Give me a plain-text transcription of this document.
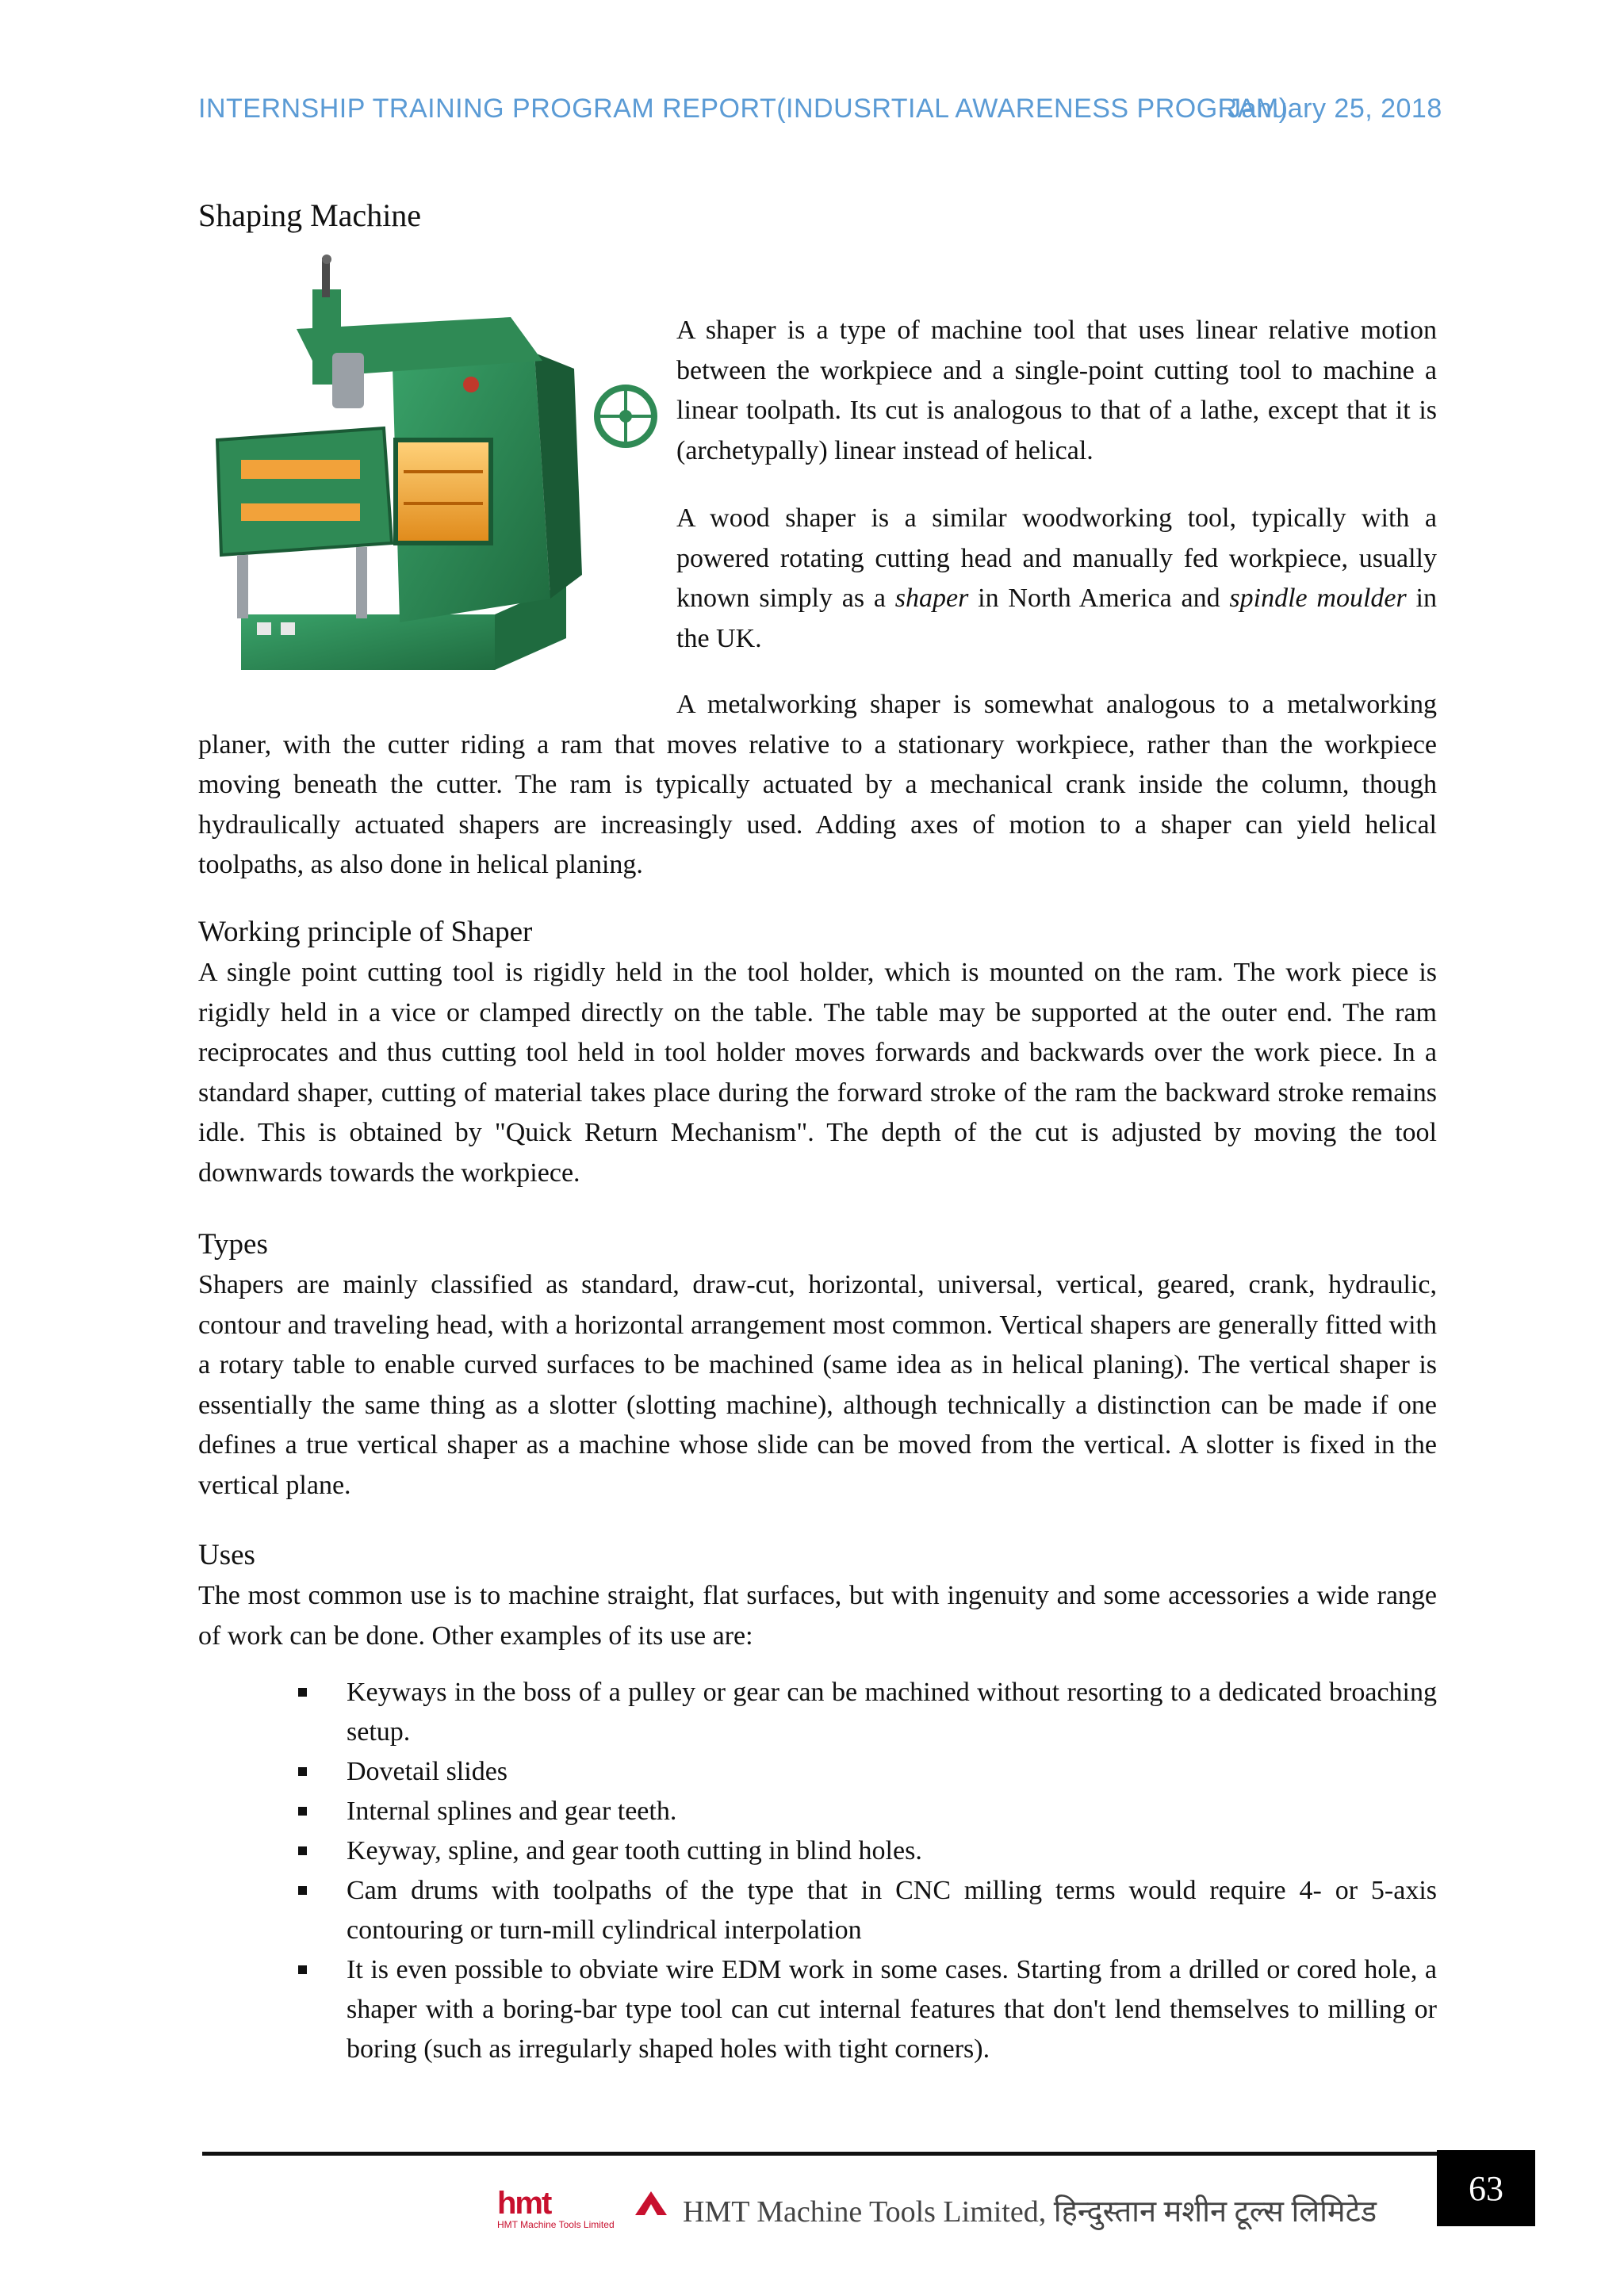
INTERNSHIP TRAINING PROGRAM REPORT(INDUSRTIAL AWARENESS PROGRAM)
January 25, 2018
Shaping Machine

A shaper is a type of machine tool that uses linear relative motion between the workpiece and a single-point cutting tool to machine a linear toolpath. Its cut is analogous to that of a lathe, except that it is (archetypally) linear instead of helical.

A wood shaper is a similar woodworking tool, typically with a powered rotating cutting head and manually fed workpiece, usually known simply as a shaper in North America and spindle moulder in the UK.

A metalworking shaper is somewhat analogous to a metalworking planer, with the cutter riding a ram that moves relative to a stationary workpiece, rather than the workpiece moving beneath the cutter. The ram is typically actuated by a mechanical crank inside the column, though hydraulically actuated shapers are increasingly used. Adding axes of motion to a shaper can yield helical toolpaths, as also done in helical planing.

Working principle of Shaper

A single point cutting tool is rigidly held in the tool holder, which is mounted on the ram. The work piece is rigidly held in a vice or clamped directly on the table. The table may be supported at the outer end. The ram reciprocates and thus cutting tool held in tool holder moves forwards and backwards over the work piece. In a standard shaper, cutting of material takes place during the forward stroke of the ram the backward stroke remains idle. This is obtained by "Quick Return Mechanism". The depth of the cut is adjusted by moving the tool downwards towards the workpiece.

Types

Shapers are mainly classified as standard, draw-cut, horizontal, universal, vertical, geared, crank, hydraulic, contour and traveling head, with a horizontal arrangement most common. Vertical shapers are generally fitted with a rotary table to enable curved surfaces to be machined (same idea as in helical planing). The vertical shaper is essentially the same thing as a slotter (slotting machine), although technically a distinction can be made if one defines a true vertical shaper as a machine whose slide can be moved from the vertical. A slotter is fixed in the vertical plane.

Uses

The most common use is to machine straight, flat surfaces, but with ingenuity and some accessories a wide range of work can be done. Other examples of its use are:

Keyways in the boss of a pulley or gear can be machined without resorting to a dedicated broaching setup.
Dovetail slides
Internal splines and gear teeth.
Keyway, spline, and gear tooth cutting in blind holes.
Cam drums with toolpaths of the type that in CNC milling terms would require 4- or 5-axis contouring or turn-mill cylindrical interpolation
It is even possible to obviate wire EDM work in some cases. Starting from a drilled or cored hole, a shaper with a boring-bar type tool can cut internal features that don't lend themselves to milling or boring (such as irregularly shaped holes with tight corners).
hmt
HMT Machine Tools Limited HMT Machine Tools Limited, हिन्दुस्तान मशीन टूल्स लिमिटेड
63
